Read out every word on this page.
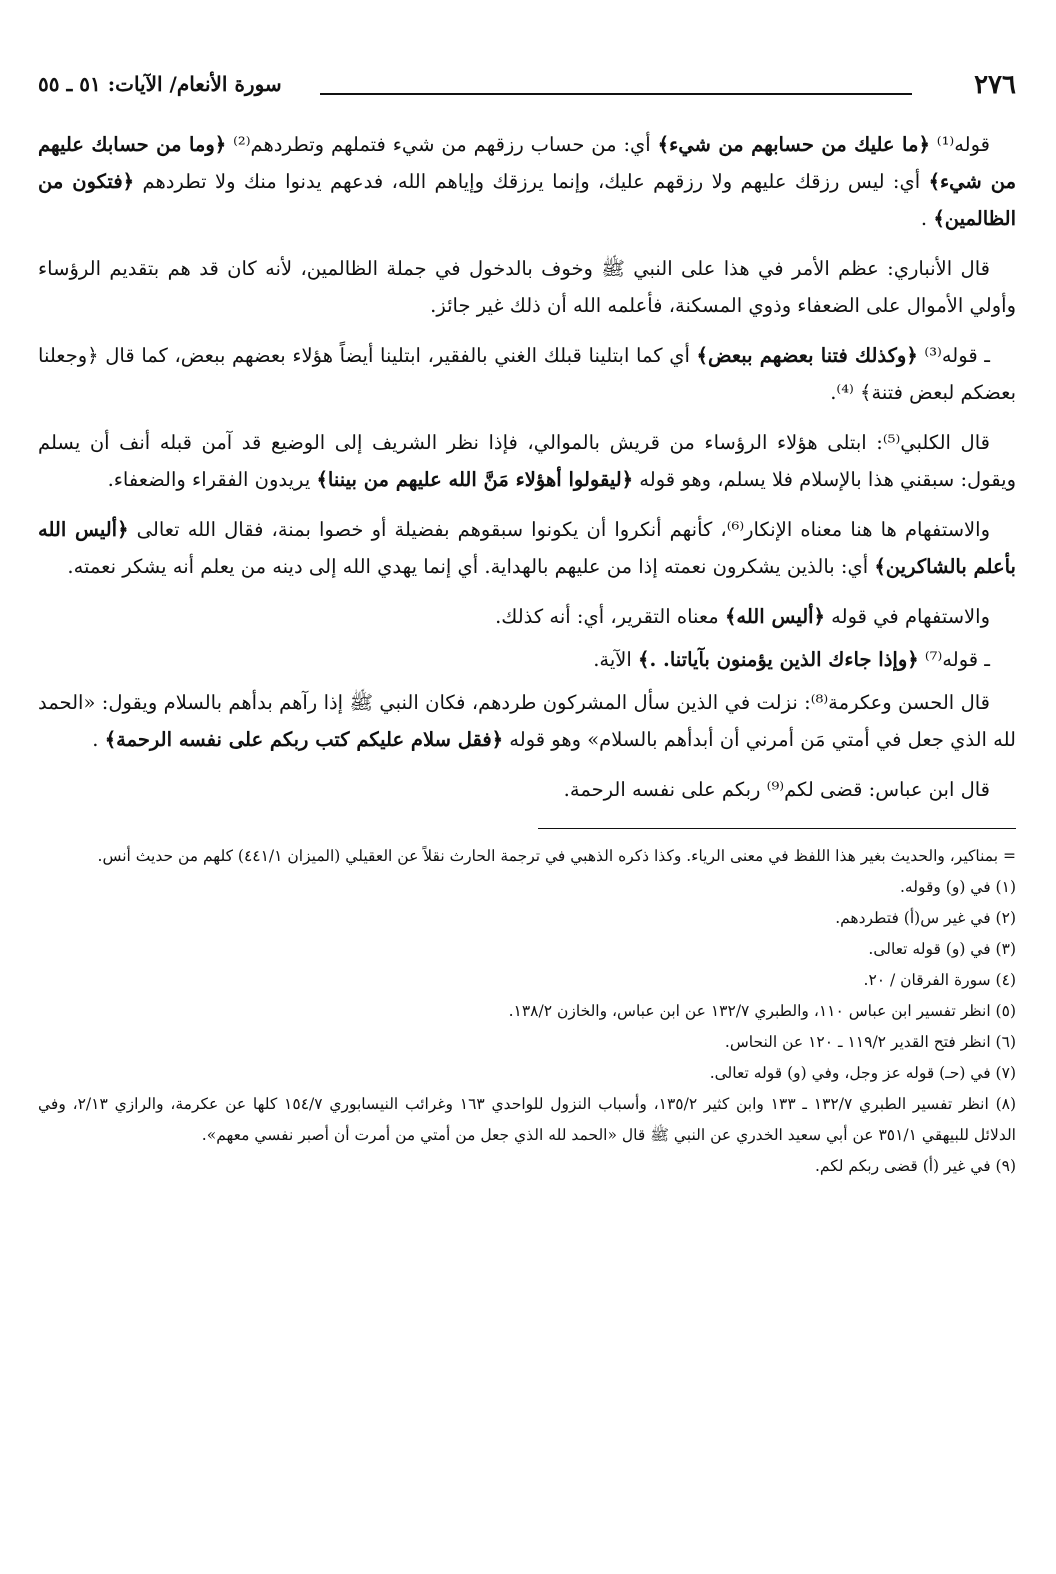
٢٧٦
سورة الأنعام/ الآيات: ٥١ ـ ٥٥

قوله⁽¹⁾ ﴿ما عليك من حسابهم من شيء﴾ أي: من حساب رزقهم من شيء فتملهم وتطردهم⁽²⁾ ﴿وما من حسابك عليهم من شيء﴾ أي: ليس رزقك عليهم ولا رزقهم عليك، وإنما يرزقك وإياهم الله، فدعهم يدنوا منك ولا تطردهم ﴿فتكون من الظالمين﴾ .

قال الأنباري: عظم الأمر في هذا على النبي ﷺ وخوف بالدخول في جملة الظالمين، لأنه كان قد هم بتقديم الرؤساء وأولي الأموال على الضعفاء وذوي المسكنة، فأعلمه الله أن ذلك غير جائز.

ـ قوله⁽³⁾ ﴿وكذلك فتنا بعضهم ببعض﴾ أي كما ابتلينا قبلك الغني بالفقير، ابتلينا أيضاً هؤلاء بعضهم ببعض، كما قال ﴿وجعلنا بعضكم لبعض فتنة﴾ ⁽⁴⁾.

قال الكلبي⁽⁵⁾: ابتلى هؤلاء الرؤساء من قريش بالموالي، فإذا نظر الشريف إلى الوضيع قد آمن قبله أنف أن يسلم ويقول: سبقني هذا بالإسلام فلا يسلم، وهو قوله ﴿ليقولوا أهؤلاء مَنَّ الله عليهم من بيننا﴾ يريدون الفقراء والضعفاء.

والاستفهام ها هنا معناه الإنكار⁽⁶⁾، كأنهم أنكروا أن يكونوا سبقوهم بفضيلة أو خصوا بمنة، فقال الله تعالى ﴿أليس الله بأعلم بالشاكرين﴾ أي: بالذين يشكرون نعمته إذا من عليهم بالهداية. أي إنما يهدي الله إلى دينه من يعلم أنه يشكر نعمته.

والاستفهام في قوله ﴿أليس الله﴾ معناه التقرير، أي: أنه كذلك.

ـ قوله⁽⁷⁾ ﴿وإذا جاءك الذين يؤمنون بآياتنا. .﴾ الآية.

قال الحسن وعكرمة⁽⁸⁾: نزلت في الذين سأل المشركون طردهم، فكان النبي ﷺ إذا رآهم بدأهم بالسلام ويقول: «الحمد لله الذي جعل في أمتي مَن أمرني أن أبدأهم بالسلام» وهو قوله ﴿فقل سلام عليكم كتب ربكم على نفسه الرحمة﴾ .

قال ابن عباس: قضى لكم⁽⁹⁾ ربكم على نفسه الرحمة.

= بمناكير، والحديث بغير هذا اللفظ في معنى الرياء. وكذا ذكره الذهبي في ترجمة الحارث نقلاً عن العقيلي (الميزان ٤٤١/١) كلهم من حديث أنس.

(١) في (و) وقوله.

(٢) في غير س(أ) فتطردهم.

(٣) في (و) قوله تعالى.

(٤) سورة الفرقان / ٢٠.

(٥) انظر تفسير ابن عباس ١١٠، والطبري ١٣٢/٧ عن ابن عباس، والخازن ١٣٨/٢.

(٦) انظر فتح القدير ١١٩/٢ ـ ١٢٠ عن النحاس.

(٧) في (حـ) قوله عز وجل، وفي (و) قوله تعالى.

(٨) انظر تفسير الطبري ١٣٢/٧ ـ ١٣٣ وابن كثير ١٣٥/٢، وأسباب النزول للواحدي ١٦٣ وغرائب النيسابوري ١٥٤/٧ كلها عن عكرمة، والرازي ٢/١٣، وفي الدلائل للبيهقي ٣٥١/١ عن أبي سعيد الخدري عن النبي ﷺ قال «الحمد لله الذي جعل من أمتي من أمرت أن أصبر نفسي معهم».

(٩) في غير (أ) قضى ربكم لكم.
